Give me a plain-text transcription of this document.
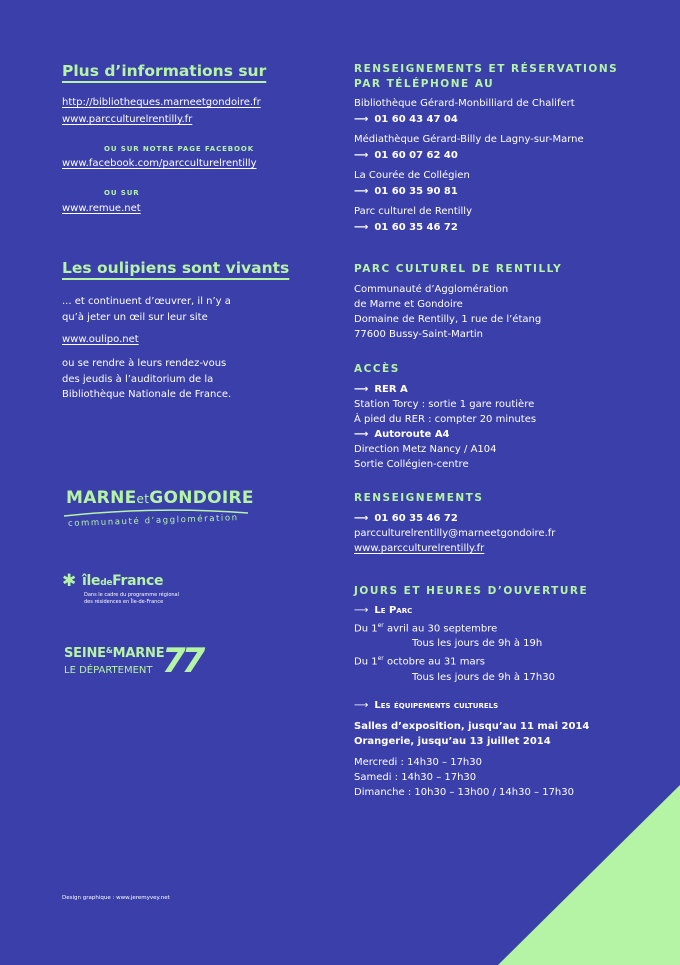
Plus d’informations sur
http://bibliotheques.marneetgondoire.fr
www.parcculturelrentilly.fr
OU SUR NOTRE PAGE FACEBOOK
www.facebook.com/parcculturelrentilly
OU SUR
www.remue.net
Les oulipiens sont vivants
... et continuent d’œuvrer, il n’y a
qu’à jeter un œil sur leur site
www.oulipo.net
ou se rendre à leurs rendez-vous
des jeudis à l’auditorium de la
Bibliothèque Nationale de France.
MARNEetGONDOIRE
communauté d’agglomération
✱ îledeFrance
Dans le cadre du programme régional
des résidences en Île-de-France
SEINE&MARNE
LE DÉPARTEMENT 77
Design graphique : www.jeremyvey.net
RENSEIGNEMENTS ET RÉSERVATIONS
PAR TÉLÉPHONE AU
Bibliothèque Gérard-Monbilliard de Chalifert
⟶ 01 60 43 47 04
Médiathèque Gérard-Billy de Lagny-sur-Marne
⟶ 01 60 07 62 40
La Courée de Collégien
⟶ 01 60 35 90 81
Parc culturel de Rentilly
⟶ 01 60 35 46 72
PARC CULTUREL DE RENTILLY
Communauté d’Agglomération
de Marne et Gondoire
Domaine de Rentilly, 1 rue de l’étang
77600 Bussy-Saint-Martin
ACCÈS
⟶ RER A
Station Torcy : sortie 1 gare routière
À pied du RER : compter 20 minutes
⟶ Autoroute A4
Direction Metz Nancy / A104
Sortie Collégien-centre
RENSEIGNEMENTS
⟶ 01 60 35 46 72
parcculturelrentilly@marneetgondoire.fr
www.parcculturelrentilly.fr
JOURS ET HEURES D’OUVERTURE
⟶ Le Parc
Du 1er avril au 30 septembre
Tous les jours de 9h à 19h
Du 1er octobre au 31 mars
Tous les jours de 9h à 17h30
⟶ Les équipements culturels
Salles d’exposition, jusqu’au 11 mai 2014
Orangerie, jusqu’au 13 juillet 2014
Mercredi : 14h30 – 17h30
Samedi : 14h30 – 17h30
Dimanche : 10h30 – 13h00 / 14h30 – 17h30
